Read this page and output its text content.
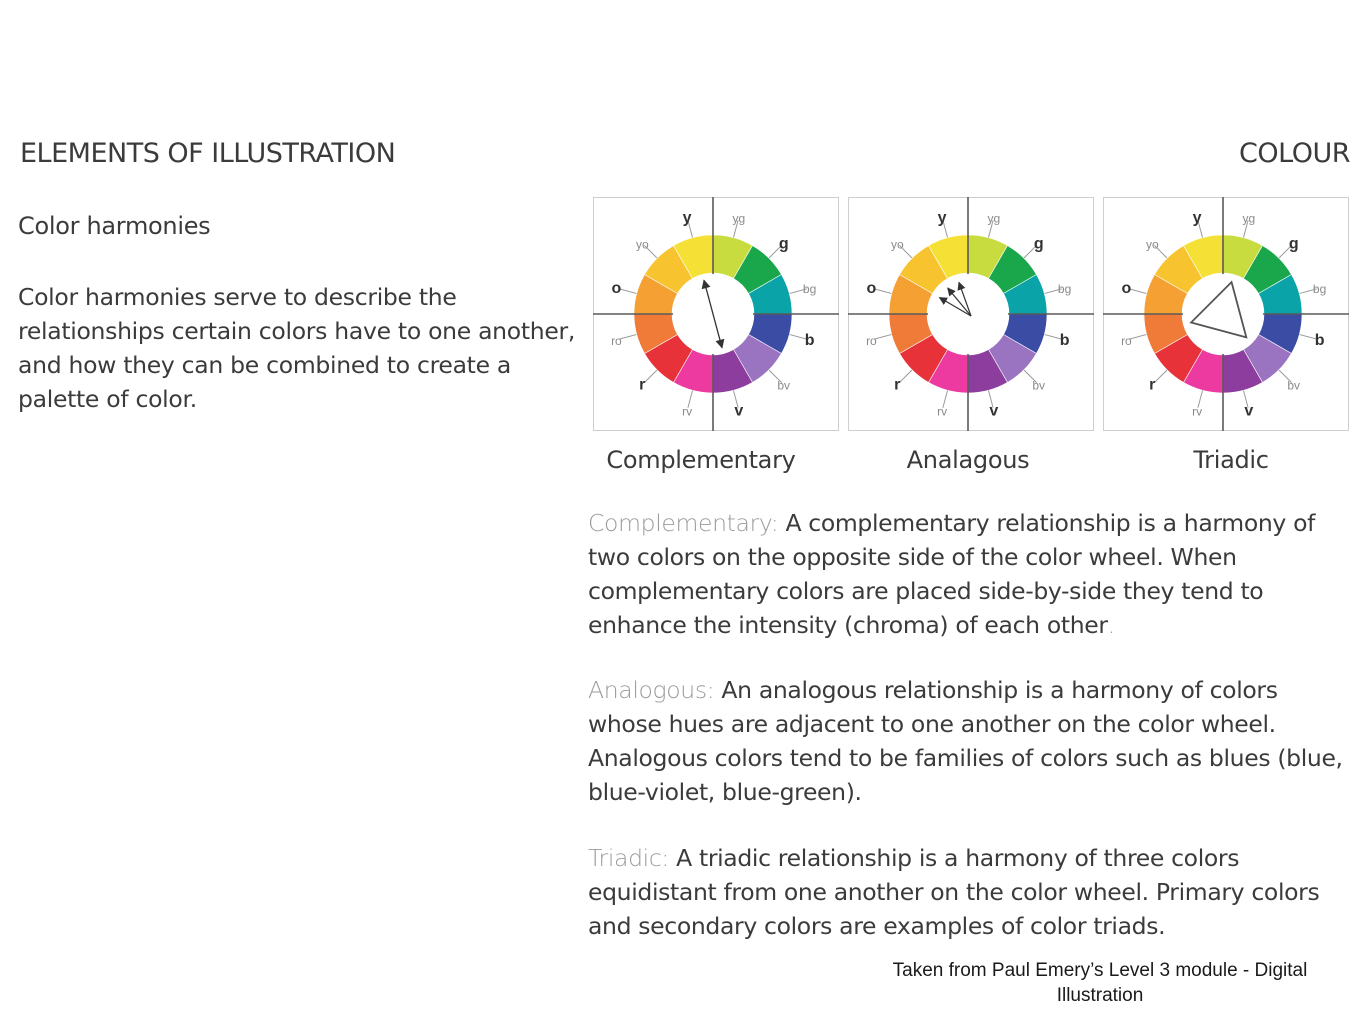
ELEMENTS OF ILLUSTRATION	COLOUR
Color harmonies

Color harmonies serve to describe the relationships certain colors have to one another, and how they can be combined to create a palette of color.

yg
g
bg
b
bv
v
rv
r
ro
o
yo
y	yg
g
bg
b
bv
v
rv
r
ro
o
yo
y	yg
g
bg
b
bv
v
rv
r
ro
o
yo
y
Complementary	Analagous	Triadic

Complementary: A complementary relationship is a harmony of two colors on the opposite side of the color wheel. When complementary colors are placed side-by-side they tend to enhance the intensity (chroma) of each other.

Analogous: An analogous relationship is a harmony of colors whose hues are adjacent to one another on the color wheel. Analogous colors tend to be families of colors such as blues (blue, blue-violet, blue-green).

Triadic: A triadic relationship is a harmony of three colors equidistant from one another on the color wheel. Primary colors and secondary colors are examples of color triads.

Taken from Paul Emery’s Level 3 module - Digital Illustration
